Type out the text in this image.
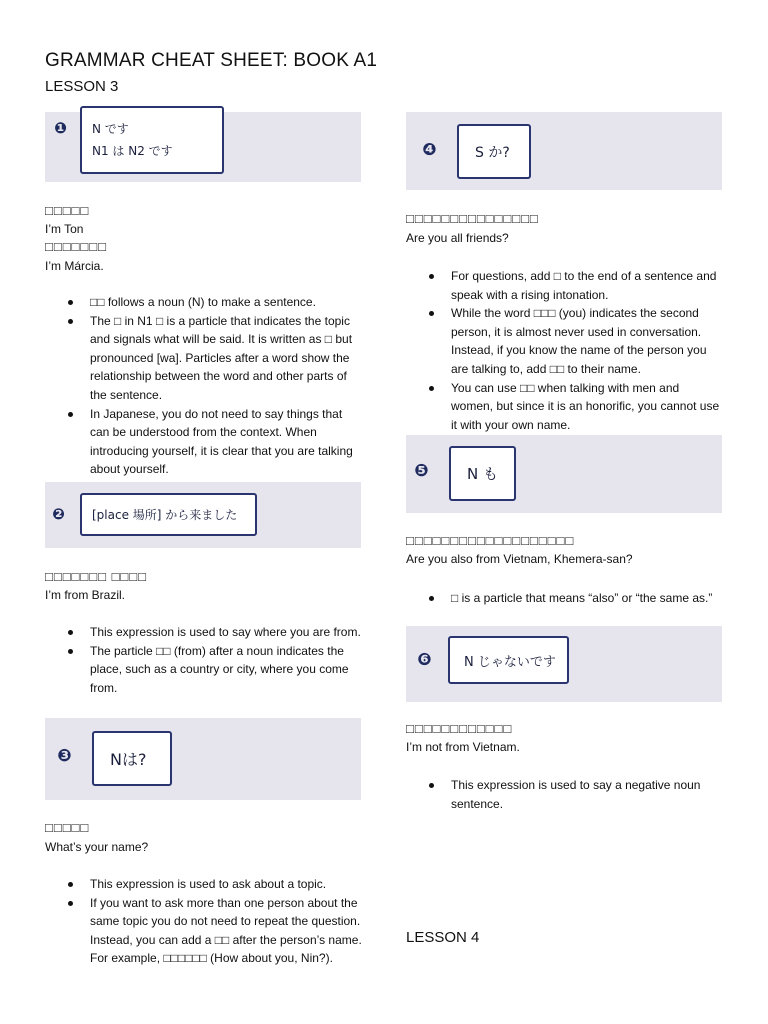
GRAMMAR CHEAT SHEET: BOOK A1
LESSON 3
❶ N です
N1 は N2 です
□□□□□
I’m Ton
□□□□□□□
I’m Márcia.
□□ follows a noun (N) to make a sentence.
The □ in N1 □ is a particle that indicates the topic and signals what will be said. It is written as □ but pronounced [wa]. Particles after a word show the relationship between the word and other parts of the sentence.
In Japanese, you do not need to say things that can be understood from the context. When introducing yourself, it is clear that you are talking about yourself.
❷ [place 場所] から来ました
□□□□□□□ □□□□
I’m from Brazil.
This expression is used to say where you are from.
The particle □□ (from) after a noun indicates the place, such as a country or city, where you come from.
❸ Nは?
□□□□□
What’s your name?
This expression is used to ask about a topic.
If you want to ask more than one person about the same topic you do not need to repeat the question. Instead, you can add a □□ after the person’s name. For example, □□□□□□ (How about you, Nin?).
❹	S か?
□□□□□□□□□□□□□□□
Are you all friends?
For questions, add □ to the end of a sentence and speak with a rising intonation.
While the word □□□ (you) indicates the second person, it is almost never used in conversation. Instead, if you know the name of the person you are talking to, add □□ to their name.
You can use □□ when talking with men and women, but since it is an honorific, you cannot use it with your own name.
❺	N も
□□□□□□□□□□□□□□□□□□□
Are you also from Vietnam, Khemera-san?
□ is a particle that means “also” or “the same as.”
❻ N じゃないです
□□□□□□□□□□□□
I’m not from Vietnam.
This expression is used to say a negative noun sentence.
LESSON 4
